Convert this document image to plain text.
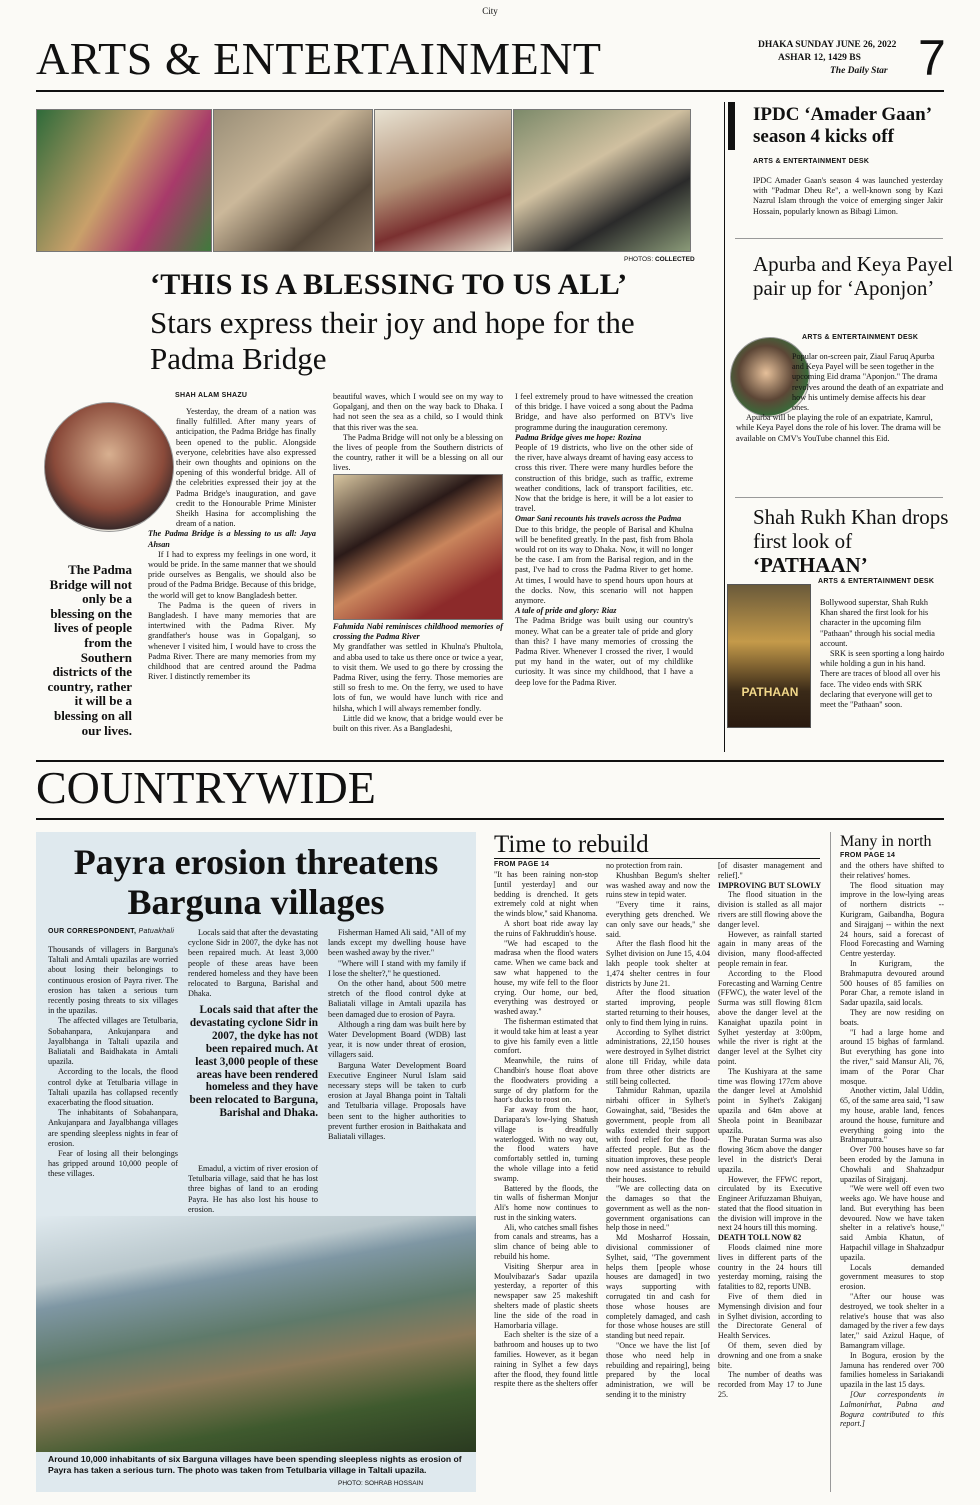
City
ARTS & ENTERTAINMENT	DHAKA SUNDAY JUNE 26, 2022
ASHAR 12, 1429 BS
The Daily Star 7
PHOTOS: COLLECTED
‘THIS IS A BLESSING TO US ALL’
Stars express their joy and hope for the Padma Bridge
SHAH ALAM SHAZU
The Padma Bridge will not only be a blessing on the lives of people from the Southern districts of the country, rather it will be a blessing on all our lives.

Yesterday, the dream of a nation was finally fulfilled. After many years of anticipation, the Padma Bridge has finally been opened to the public. Alongside everyone, celebrities have also expressed their own thoughts and opinions on the opening of this wonderful bridge. All of the celebrities expressed their joy at the Padma Bridge's inauguration, and gave credit to the Honourable Prime Minister Sheikh Hasina for accomplishing the dream of a nation.

The Padma Bridge is a blessing to us all: Jaya Ahsan

If I had to express my feelings in one word, it would be pride. In the same manner that we should pride ourselves as Bengalis, we should also be proud of the Padma Bridge. Because of this bridge, the world will get to know Bangladesh better.

The Padma is the queen of rivers in Bangladesh. I have many memories that are intertwined with the Padma River. My grandfather's house was in Gopalganj, so whenever I visited him, I would have to cross the Padma River. There are many memories from my childhood that are centred around the Padma River. I distinctly remember its

beautiful waves, which I would see on my way to Gopalganj, and then on the way back to Dhaka. I had not seen the sea as a child, so I would think that this river was the sea.

The Padma Bridge will not only be a blessing on the lives of people from the Southern districts of the country, rather it will be a blessing on all our lives.

Fahmida Nabi reminisces childhood memories of crossing the Padma River

My grandfather was settled in Khulna's Phultola, and abba used to take us there once or twice a year, to visit them. We used to go there by crossing the Padma River, using the ferry. Those memories are still so fresh to me. On the ferry, we used to have lots of fun, we would have lunch with rice and hilsha, which I will always remember fondly.

Little did we know, that a bridge would ever be built on this river. As a Bangladeshi,

I feel extremely proud to have witnessed the creation of this bridge. I have voiced a song about the Padma Bridge, and have also performed on BTV's live programme during the inauguration ceremony.

Padma Bridge gives me hope: Rozina

People of 19 districts, who live on the other side of the river, have always dreamt of having easy access to cross this river. There were many hurdles before the construction of this bridge, such as traffic, extreme weather conditions, lack of transport facilities, etc. Now that the bridge is here, it will be a lot easier to travel.

Omar Sani recounts his travels across the Padma

Due to this bridge, the people of Barisal and Khulna will be benefited greatly. In the past, fish from Bhola would rot on its way to Dhaka. Now, it will no longer be the case. I am from the Barisal region, and in the past, I've had to cross the Padma River to get home. At times, I would have to spend hours upon hours at the docks. Now, this scenario will not happen anymore.

A tale of pride and glory: Riaz

The Padma Bridge was built using our country's money. What can be a greater tale of pride and glory than this? I have many memories of crossing the Padma River. Whenever I crossed the river, I would put my hand in the water, out of my childlike curiosity. It was since my childhood, that I have a deep love for the Padma River.

IPDC ‘Amader Gaan’ season 4 kicks off
ARTS & ENTERTAINMENT DESK
IPDC Amader Gaan's season 4 was launched yesterday with "Padmar Dheu Re", a well-known song by Kazi Nazrul Islam through the voice of emerging singer Jakir Hossain, popularly known as Bibagi Limon.
Apurba and Keya Payel pair up for ‘Aponjon’
ARTS & ENTERTAINMENT DESK

Popular on-screen pair, Ziaul Faruq Apurba and Keya Payel will be seen together in the upcoming Eid drama "Aponjon." The drama revolves around the death of an expatriate and how his untimely demise affects his dear ones.

Apurba will be playing the role of an expatriate, Kamrul, while Keya Payel dons the role of his lover. The drama will be available on CMV's YouTube channel this Eid.

Shah Rukh Khan drops first look of ‘PATHAAN’
ARTS & ENTERTAINMENT DESK
PATHAAN

Bollywood superstar, Shah Rukh Khan shared the first look for his character in the upcoming film "Pathaan" through his social media account.

SRK is seen sporting a long hairdo while holding a gun in his hand. There are traces of blood all over his face. The video ends with SRK declaring that everyone will get to meet the "Pathaan" soon.

COUNTRYWIDE
Payra erosion threatens Barguna villages
OUR CORRESPONDENT, Patuakhali

Thousands of villagers in Barguna's Taltali and Amtali upazilas are worried about losing their belongings to continuous erosion of Payra river. The erosion has taken a serious turn recently posing threats to six villages in the upazilas.

The affected villages are Tetulbaria, Sobahanpara, Ankujanpara and Jayalbhanga in Taltali upazila and Baliatali and Baidhakata in Amtali upazila.

According to the locals, the flood control dyke at Tetulbaria village in Taltali upazila has collapsed recently exacerbating the flood situation.

The inhabitants of Sobahanpara, Ankujanpara and Jayalbhanga villages are spending sleepless nights in fear of erosion.

Fear of losing all their belongings has gripped around 10,000 people of these villages.

Locals said that after the devastating cyclone Sidr in 2007, the dyke has not been repaired much. At least 3,000 people of these areas have been rendered homeless and they have been relocated to Barguna, Barishal and Dhaka.

Locals said that after the devastating cyclone Sidr in 2007, the dyke has not been repaired much. At least 3,000 people of these areas have been rendered homeless and they have been relocated to Barguna, Barishal and Dhaka.

Emadul, a victim of river erosion of Tetulbaria village, said that he has lost three bighas of land to an eroding Payra. He has also lost his house to erosion.

Fisherman Hamed Ali said, "All of my lands except my dwelling house have been washed away by the river."

"Where will I stand with my family if I lose the shelter?," he questioned.

On the other hand, about 500 metre stretch of the flood control dyke at Baliatali village in Amtali upazila has been damaged due to erosion of Payra.

Although a ring dam was built here by Water Development Board (WDB) last year, it is now under threat of erosion, villagers said.

Barguna Water Development Board Executive Engineer Nurul Islam said necessary steps will be taken to curb erosion at Jayal Bhanga point in Taltali and Tetulbaria village. Proposals have been sent to the higher authorities to prevent further erosion in Baithakata and Baliatali villages.

Around 10,000 inhabitants of six Barguna villages have been spending sleepless nights as erosion of Payra has taken a serious turn. The photo was taken from Tetulbaria village in Taltali upazila.
PHOTO: SOHRAB HOSSAIN
Time to rebuild
FROM PAGE 14

"It has been raining non-stop [until yesterday] and our bedding is drenched. It gets extremely cold at night when the winds blow," said Khanoma.

A short boat ride away lay the ruins of Fakhruddin's house.

"We had escaped to the madrasa when the flood waters came. When we came back and saw what happened to the house, my wife fell to the floor crying. Our home, our bed, everything was destroyed or washed away."

The fisherman estimated that it would take him at least a year to give his family even a little comfort.

Meanwhile, the ruins of Chandbin's house float above the floodwaters providing a surge of dry platform for the haor's ducks to roost on.

Far away from the haor, Dariapara's low-lying Shatush village is dreadfully waterlogged. With no way out, the flood waters have comfortably settled in, turning the whole village into a fetid swamp.

Battered by the floods, the tin walls of fisherman Monjur Ali's home now continues to rust in the sinking waters.

Ali, who catches small fishes from canals and streams, has a slim chance of being able to rebuild his home.

Visiting Sherpur area in Moulvibazar's Sadar upazila yesterday, a reporter of this newspaper saw 25 makeshift shelters made of plastic sheets line the side of the road in Hamorbaria village.

Each shelter is the size of a bathroom and houses up to two families. However, as it began raining in Sylhet a few days after the flood, they found little respite there as the shelters offer

no protection from rain.

Khushban Begum's shelter was washed away and now the ruins stew in tepid water.

"Every time it rains, everything gets drenched. We can only save our heads," she said.

After the flash flood hit the Sylhet division on June 15, 4.04 lakh people took shelter at 1,474 shelter centres in four districts by June 21.

After the flood situation started improving, people started returning to their houses, only to find them lying in ruins.

According to Sylhet district administrations, 22,150 houses were destroyed in Sylhet district alone till Friday, while data from three other districts are still being collected.

Tahmidur Rahman, upazila nirbahi officer in Sylhet's Gowainghat, said, "Besides the government, people from all walks extended their support with food relief for the flood-affected people. But as the situation improves, these people now need assistance to rebuild their houses.

"We are collecting data on the damages so that the government as well as the non-government organisations can help those in need."

Md Mosharrof Hossain, divisional commissioner of Sylhet, said, "The government helps them [people whose houses are damaged] in two ways supporting with corrugated tin and cash for those whose houses are completely damaged, and cash for those whose houses are still standing but need repair.

"Once we have the list [of those who need help in rebuilding and repairing], being prepared by the local administration, we will be sending it to the ministry

[of disaster management and relief]."

IMPROVING BUT SLOWLY

The flood situation in the division is stalled as all major rivers are still flowing above the danger level.

However, as rainfall started again in many areas of the division, many flood-affected people remain in fear.

According to the Flood Forecasting and Warning Centre (FFWC), the water level of the Surma was still flowing 81cm above the danger level at the Kanaighat upazila point in Sylhet yesterday at 3:00pm, while the river is right at the danger level at the Sylhet city point.

The Kushiyara at the same time was flowing 177cm above the danger level at Amolshid point in Sylhet's Zakiganj upazila and 64m above at Sheola point in Beanibazar upazila.

The Puratan Surma was also flowing 36cm above the danger level in the district's Derai upazila.

However, the FFWC report, circulated by its Executive Engineer Arifuzzaman Bhuiyan, stated that the flood situation in the division will improve in the next 24 hours till this morning.

DEATH TOLL NOW 82

Floods claimed nine more lives in different parts of the country in the 24 hours till yesterday morning, raising the fatalities to 82, reports UNB.

Five of them died in Mymensingh division and four in Sylhet division, according to the Directorate General of Health Services.

Of them, seven died by drowning and one from a snake bite.

The number of deaths was recorded from May 17 to June 25.

Many in north
FROM PAGE 14

and the others have shifted to their relatives' homes.

The flood situation may improve in the low-lying areas of northern districts -- Kurigram, Gaibandha, Bogura and Sirajganj -- within the next 24 hours, said a forecast of Flood Forecasting and Warning Centre yesterday.

In Kurigram, the Brahmaputra devoured around 500 houses of 85 families on Porar Char, a remote island in Sadar upazila, said locals.

They are now residing on boats.

"I had a large home and around 15 bighas of farmland. But everything has gone into the river," said Mansur Ali, 76, imam of the Porar Char mosque.

Another victim, Jalal Uddin, 65, of the same area said, "I saw my house, arable land, fences around the house, furniture and everything going into the Brahmaputra."

Over 700 houses have so far been eroded by the Jamuna in Chowhali and Shahzadpur upazilas of Sirajganj.

"We were well off even two weeks ago. We have house and land. But everything has been devoured. Now we have taken shelter in a relative's house," said Ambia Khatun, of Hatpachil village in Shahzadpur upazila.

Locals demanded government measures to stop erosion.

"After our house was destroyed, we took shelter in a relative's house that was also damaged by the river a few days later," said Azizul Haque, of Bamangram village.

In Bogura, erosion by the Jamuna has rendered over 700 families homeless in Sariakandi upazila in the last 15 days.

[Our correspondents in Lalmonirhat, Pabna and Bogura contributed to this report.]
